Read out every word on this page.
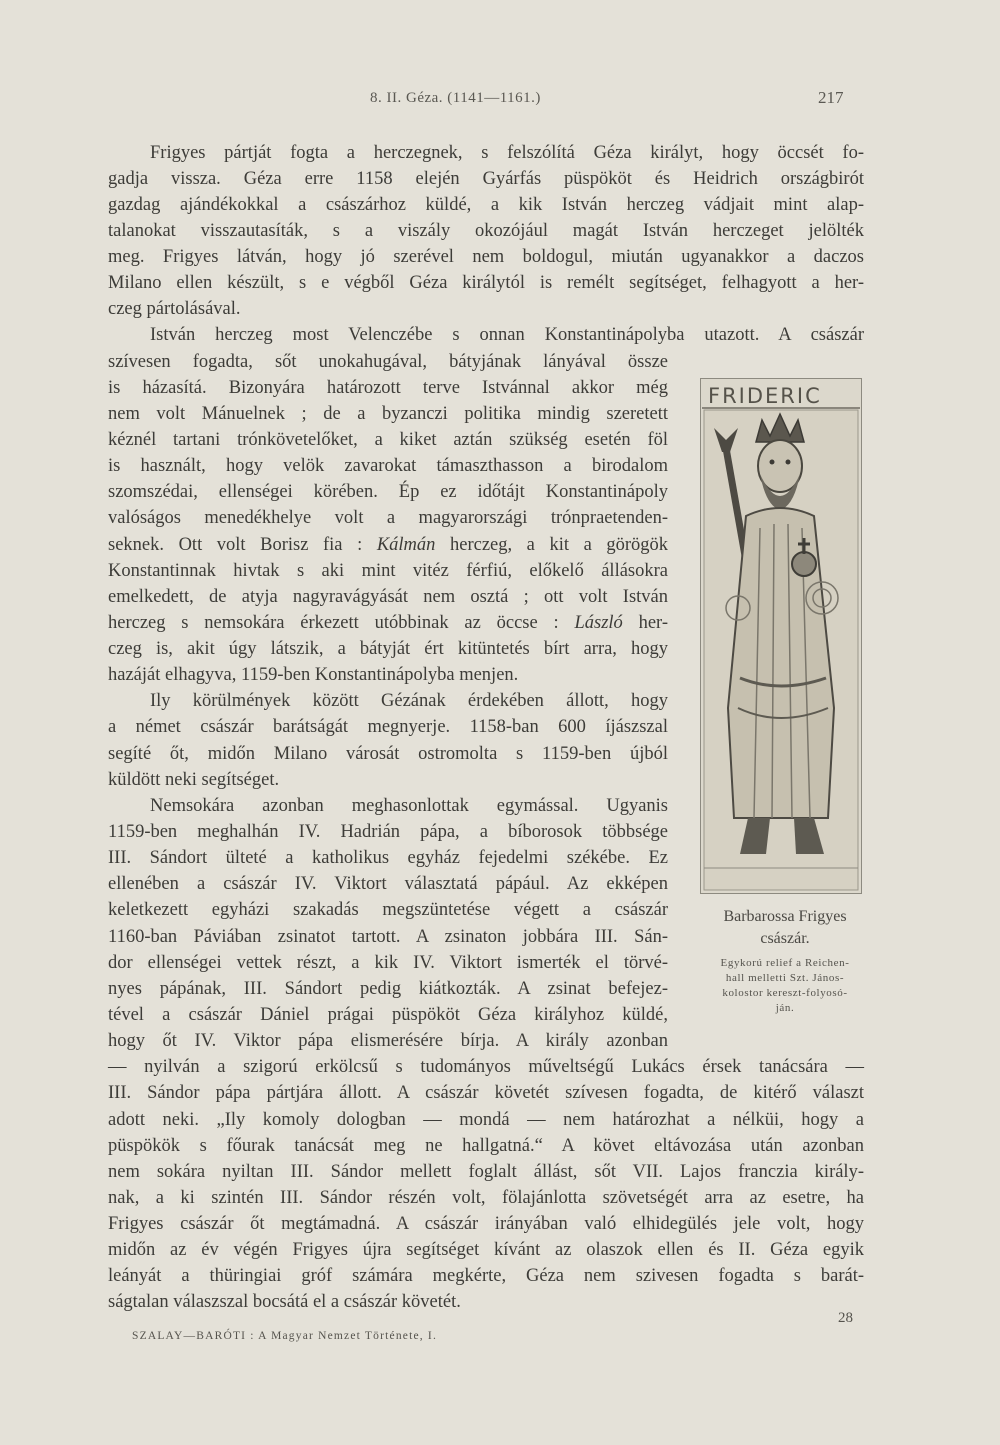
8. II. Géza. (1141—1161.)	217
Frigyes pártját fogta a herczegnek, s felszólítá Géza királyt, hogy öccsét fo-
gadja vissza. Géza erre 1158 elején Gyárfás püspököt és Heidrich országbirót
gazdag ajándékokkal a császárhoz küldé, a kik István herczeg vádjait mint alap-
talanokat visszautasíták, s a viszály okozójául magát István herczeget jelölték
meg. Frigyes látván, hogy jó szerével nem boldogul, miután ugyanakkor a daczos
Milano ellen készült, s e végből Géza királytól is remélt segítséget, felhagyott a her-
czeg pártolásával.
István herczeg most Velenczébe s onnan Konstantinápolyba utazott. A császár
szívesen fogadta, sőt unokahugával, bátyjának lányával össze
is házasítá. Bizonyára határozott terve Istvánnal akkor még
nem volt Mánuelnek ; de a byzanczi politika mindig szeretett
kéznél tartani trónkövetelőket, a kiket aztán szükség esetén föl
is használt, hogy velök zavarokat támaszthasson a birodalom
szomszédai, ellenségei körében. Ép ez időtájt Konstantinápoly
valóságos menedékhelye volt a magyarországi trónpraetenden-
seknek. Ott volt Borisz fia : Kálmán herczeg, a kit a görögök
Konstantinnak hivtak s aki mint vitéz férfiú, előkelő állásokra
emelkedett, de atyja nagyravágyását nem osztá ; ott volt István
herczeg s nemsokára érkezett utóbbinak az öccse : László her-
czeg is, akit úgy látszik, a bátyját ért kitüntetés bírt arra, hogy
hazáját elhagyva, 1159-ben Konstantinápolyba menjen.
Ily körülmények között Gézának érdekében állott, hogy
a német császár barátságát megnyerje. 1158-ban 600 íjászszal
segíté őt, midőn Milano városát ostromolta s 1159-ben újból
küldött neki segítséget.
Nemsokára azonban meghasonlottak egymással. Ugyanis
1159-ben meghalhán IV. Hadrián pápa, a bíborosok többsége
III. Sándort ülteté a katholikus egyház fejedelmi székébe. Ez
ellenében a császár IV. Viktort választatá pápául. Az ekképen
keletkezett egyházi szakadás megszüntetése végett a császár
1160-ban Páviában zsinatot tartott. A zsinaton jobbára III. Sán-
dor ellenségei vettek részt, a kik IV. Viktort ismerték el törvé-
nyes pápának, III. Sándort pedig kiátkozták. A zsinat befejez-
tével a császár Dániel prágai püspököt Géza királyhoz küldé,
hogy őt IV. Viktor pápa elismerésére bírja. A király azonban
— nyilván a szigorú erkölcsű s tudományos műveltségű Lukács érsek tanácsára —
III. Sándor pápa pártjára állott. A császár követét szívesen fogadta, de kitérő választ
adott neki. „Ily komoly dologban — mondá — nem határozhat a nélküi, hogy a
püspökök s főurak tanácsát meg ne hallgatná.“ A követ eltávozása után azonban
nem sokára nyiltan III. Sándor mellett foglalt állást, sőt VII. Lajos franczia király-
nak, a ki szintén III. Sándor részén volt, fölajánlotta szövetségét arra az esetre, ha
Frigyes császár őt megtámadná. A császár irányában való elhidegülés jele volt, hogy
midőn az év végén Frigyes újra segítséget kívánt az olaszok ellen és II. Géza egyik
leányát a thüringiai gróf számára megkérte, Géza nem szivesen fogadta s barát-
ságtalan válaszszal bocsátá el a császár követét.
FRIDERIC
Barbarossa Frigyes
császár.
Egykorú relief a Reichen-
hall melletti Szt. János-
kolostor kereszt-folyosó-
ján.
SZALAY—BARÓTI : A Magyar Nemzet Története, I.
28
